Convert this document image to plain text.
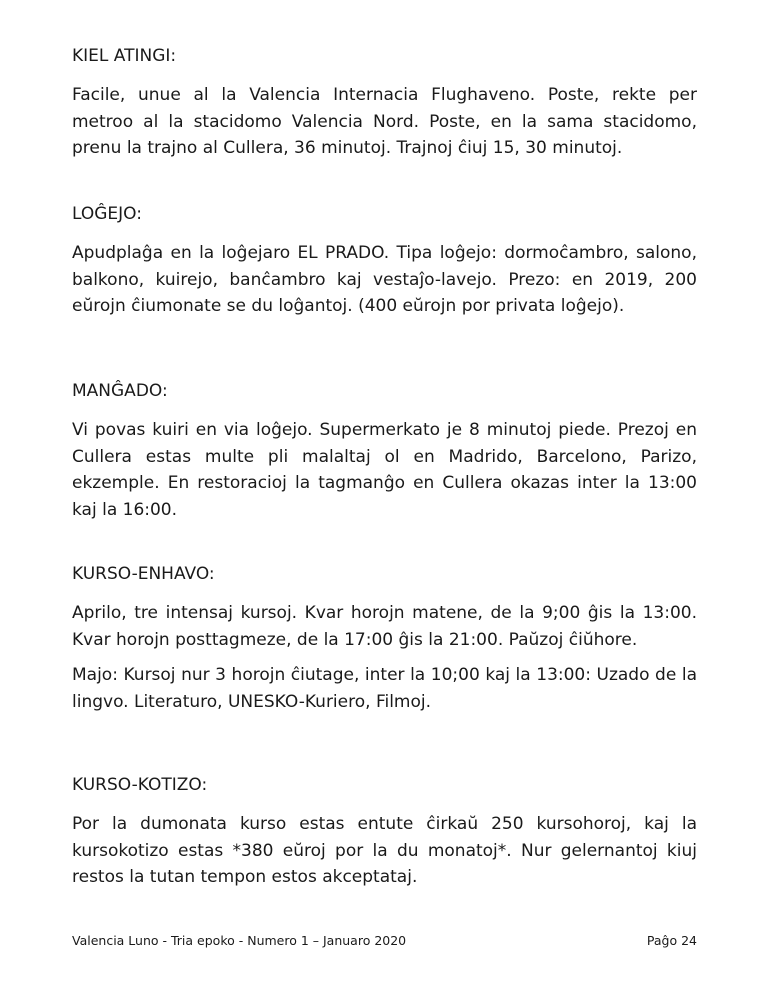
KIEL ATINGI:

Facile, unue al la Valencia Internacia Flughaveno. Poste, rekte per metroo al la stacidomo Valencia Nord. Poste, en la sama stacidomo, prenu la trajno al Cullera, 36 minutoj. Trajnoj ĉiuj 15, 30 minutoj.

LOĜEJO:

Apudplaĝa en la loĝejaro EL PRADO. Tipa loĝejo: dormoĉambro, salono, balkono, kuirejo, banĉambro kaj vestaĵo-lavejo. Prezo: en 2019, 200 eŭrojn ĉiumonate se du loĝantoj. (400 eŭrojn por privata loĝejo).

MANĜADO:

Vi povas kuiri en via loĝejo. Supermerkato je 8 minutoj piede. Prezoj en Cullera estas multe pli malaltaj ol en Madrido, Barcelono, Parizo, ekzemple. En restoracioj la tagmanĝo en Cullera okazas inter la 13:00 kaj la 16:00.

KURSO-ENHAVO:

Aprilo, tre intensaj kursoj. Kvar horojn matene, de la 9;00 ĝis la 13:00. Kvar horojn posttagmeze, de la 17:00 ĝis la 21:00. Paŭzoj ĉiŭhore.

Majo: Kursoj nur 3 horojn ĉiutage, inter la 10;00 kaj la 13:00: Uzado de la lingvo. Literaturo, UNESKO-Kuriero, Filmoj.

KURSO-KOTIZO:

Por la dumonata kurso estas entute ĉirkaŭ 250 kursohoroj, kaj la kursokotizo estas *380 eŭroj por la du monatoj*. Nur gelernantoj kiuj restos la tutan tempon estos akceptataj.

Valencia Luno - Tria epoko - Numero 1 – Januaro 2020	Paĝo 24
